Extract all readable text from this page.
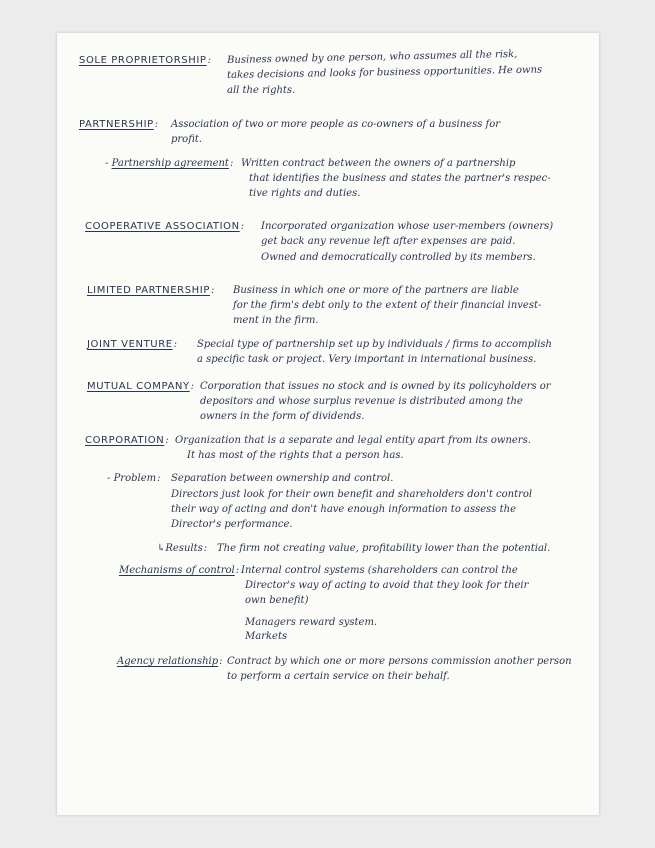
SOLE PROPRIETORSHIP: Business owned by one person, who assumes all the risk,
takes decisions and looks for business opportunities. He owns
all the rights.
PARTNERSHIP: Association of two or more people as co-owners of a business for
profit.
- Partnership agreement: Written contract between the owners of a partnership
that identifies the business and states the partner's respec-
tive rights and duties.
COOPERATIVE ASSOCIATION: Incorporated organization whose user-members (owners)
get back any revenue left after expenses are paid.
Owned and democratically controlled by its members.
LIMITED PARTNERSHIP: Business in which one or more of the partners are liable
for the firm's debt only to the extent of their financial invest-
ment in the firm.
JOINT VENTURE: Special type of partnership set up by individuals / firms to accomplish
a specific task or project. Very important in international business.
MUTUAL COMPANY: Corporation that issues no stock and is owned by its policyholders or
depositors and whose surplus revenue is distributed among the
owners in the form of dividends.
CORPORATION: Organization that is a separate and legal entity apart from its owners.
It has most of the rights that a person has.
- Problem: Separation between ownership and control.
Directors just look for their own benefit and shareholders don't control
their way of acting and don't have enough information to assess the
Director's performance.
↳Results: The firm not creating value, profitability lower than the potential.
Mechanisms of control: Internal control systems (shareholders can control the
Director's way of acting to avoid that they look for their
own benefit)
Managers reward system.
Markets
Agency relationship: Contract by which one or more persons commission another person
to perform a certain service on their behalf.
